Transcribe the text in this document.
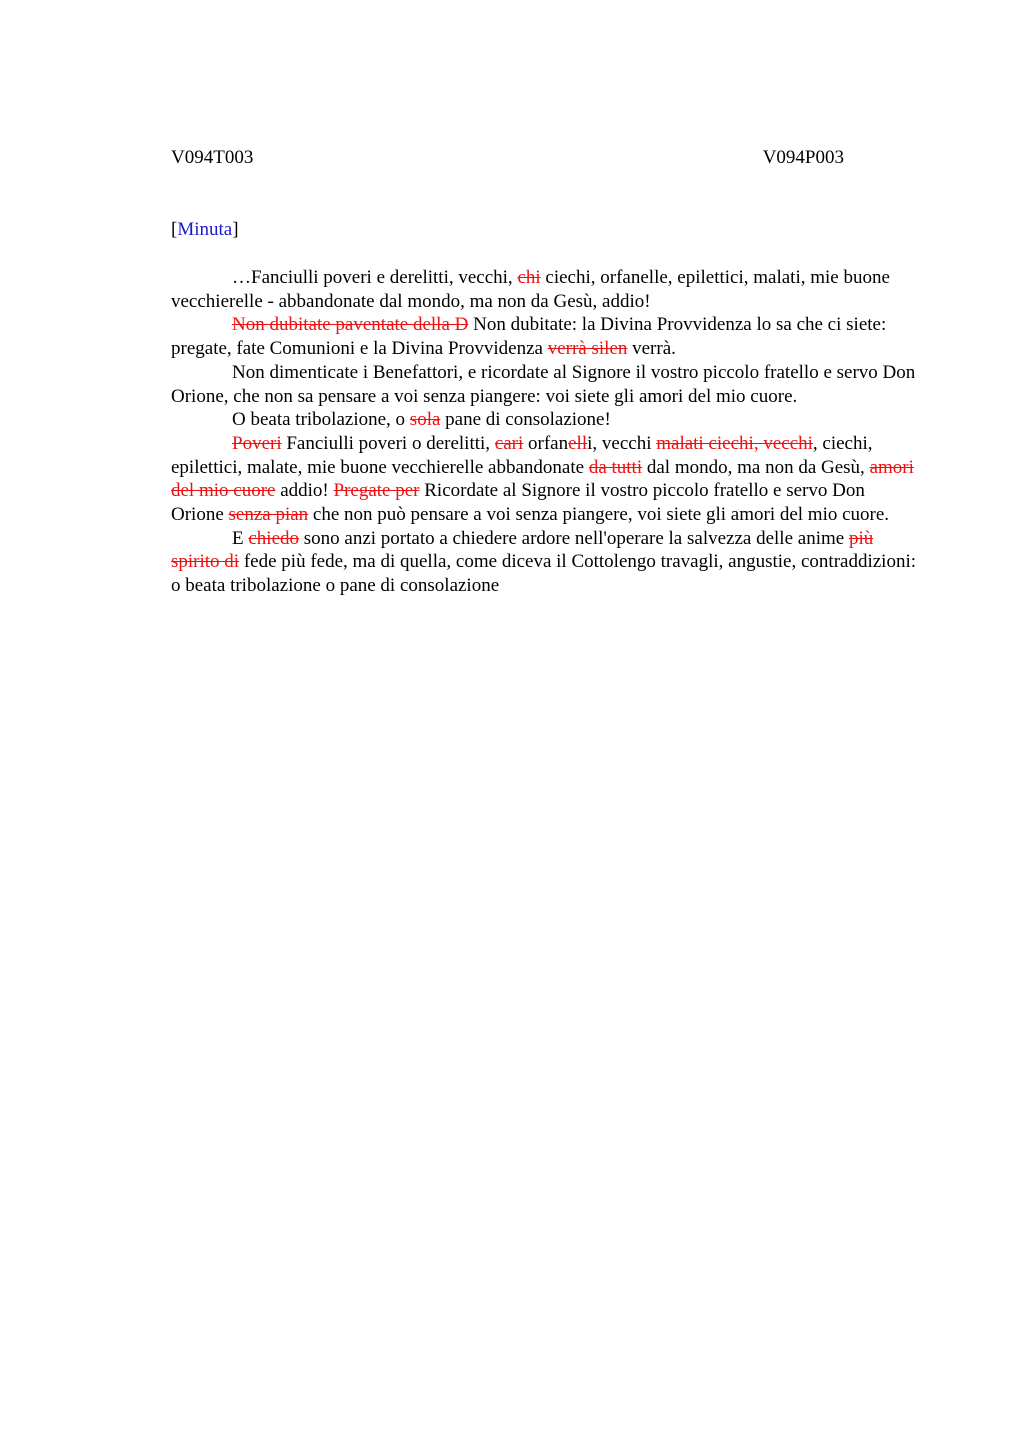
V094T003	V094P003
[Minuta]

…Fanciulli poveri e derelitti, vecchi, chi ciechi, orfanelle, epilettici, malati, mie buone vecchierelle - abbandonate dal mondo, ma non da Gesù, addio!

Non dubitate paventate della D Non dubitate: la Divina Provvidenza lo sa che ci siete: pregate, fate Comunioni e la Divina Provvidenza verrà silen verrà.

Non dimenticate i Benefattori, e ricordate al Signore il vostro piccolo fratello e servo Don Orione, che non sa pensare a voi senza piangere: voi siete gli amori del mio cuore.

O beata tribolazione, o sola pane di consolazione!

Poveri Fanciulli poveri o derelitti, cari orfanelli, vecchi malati ciechi, vecchi, ciechi, epilettici, malate, mie buone vecchierelle abbandonate da tutti dal mondo, ma non da Gesù, amori del mio cuore addio! Pregate per Ricordate al Signore il vostro piccolo fratello e servo Don Orione senza pian che non può pensare a voi senza piangere, voi siete gli amori del mio cuore.

E chiedo sono anzi portato a chiedere ardore nell'operare la salvezza delle anime più spirito di fede più fede, ma di quella, come diceva il Cottolengo travagli, angustie, contraddizioni: o beata tribolazione o pane di consolazione
